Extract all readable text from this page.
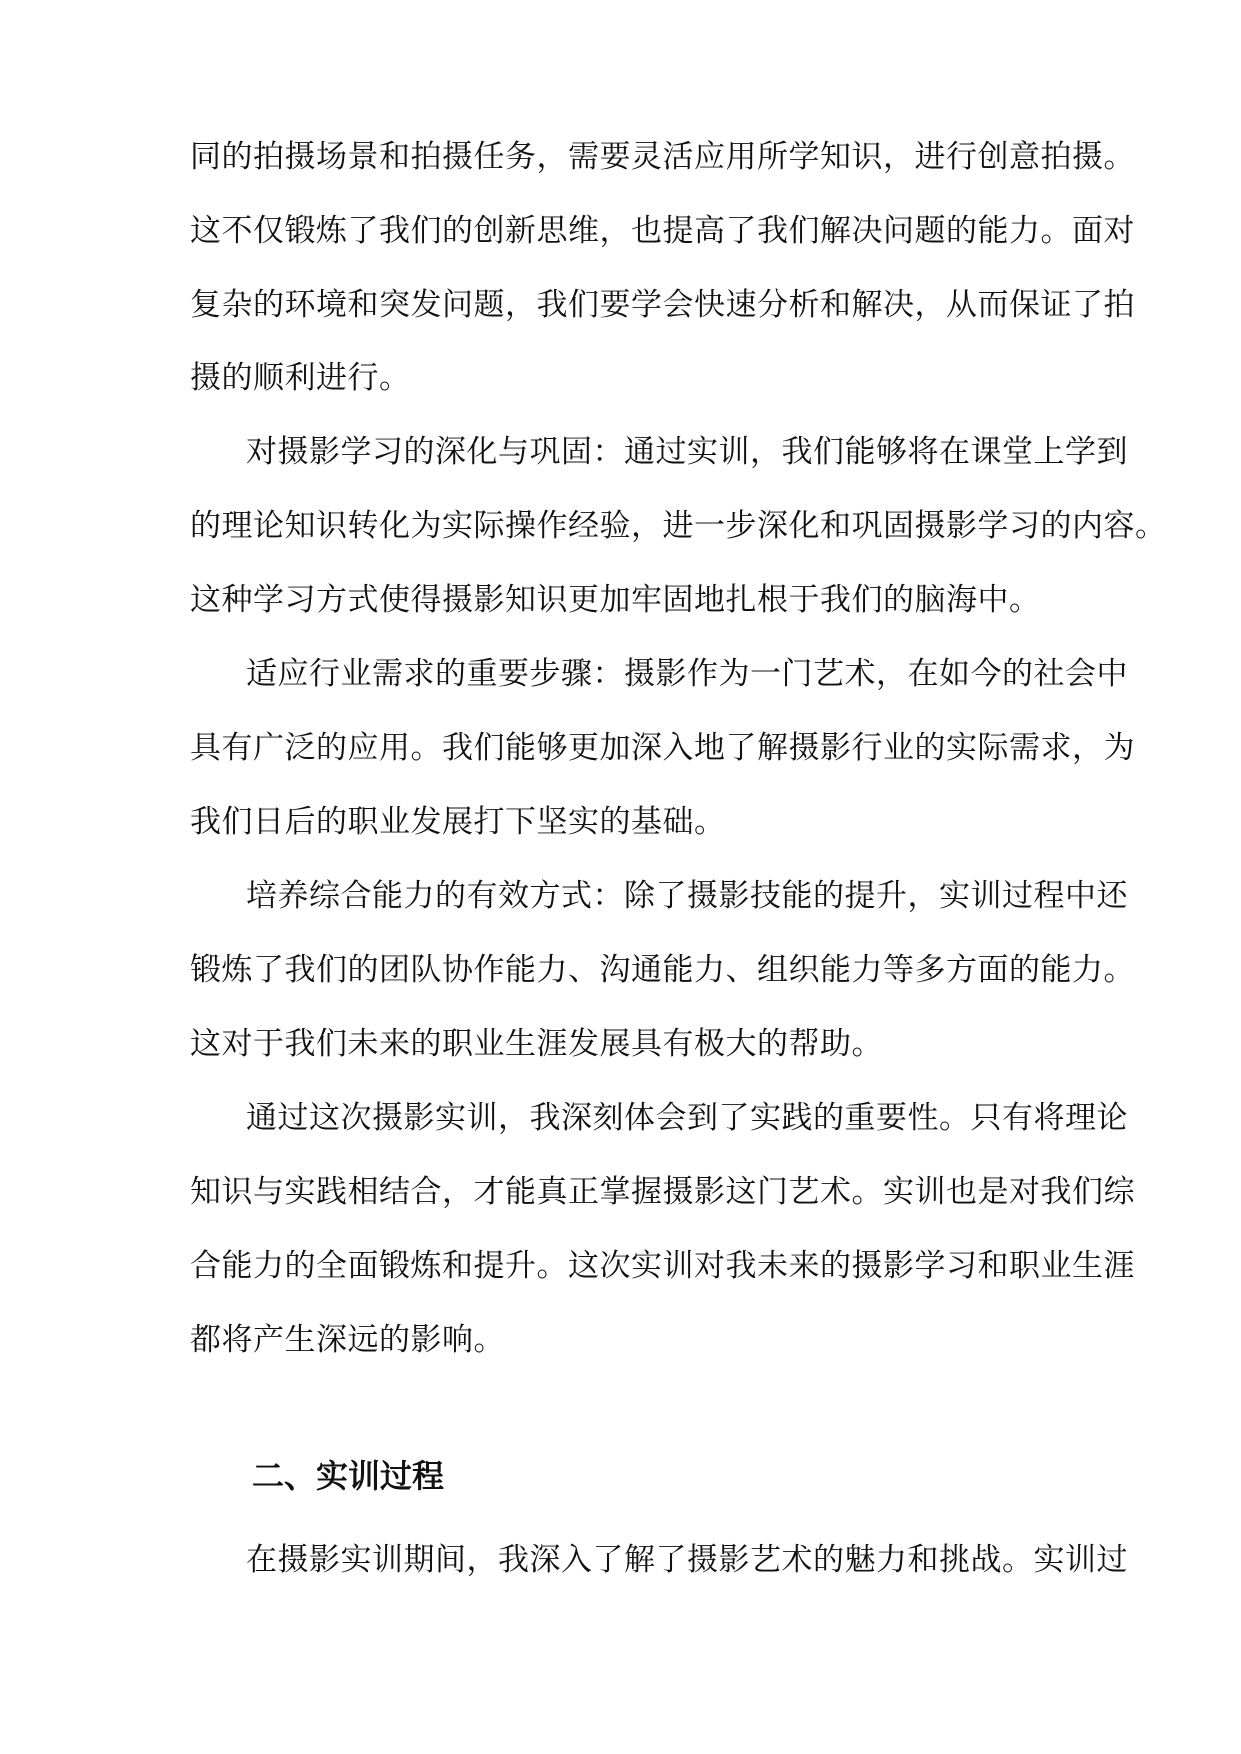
同的拍摄场景和拍摄任务，需要灵活应用所学知识，进行创意拍摄。
这不仅锻炼了我们的创新思维，也提高了我们解决问题的能力。面对
复杂的环境和突发问题，我们要学会快速分析和解决，从而保证了拍
摄的顺利进行。
对摄影学习的深化与巩固：通过实训，我们能够将在课堂上学到
的理论知识转化为实际操作经验，进一步深化和巩固摄影学习的内容。
这种学习方式使得摄影知识更加牢固地扎根于我们的脑海中。
适应行业需求的重要步骤：摄影作为一门艺术，在如今的社会中
具有广泛的应用。我们能够更加深入地了解摄影行业的实际需求，为
我们日后的职业发展打下坚实的基础。
培养综合能力的有效方式：除了摄影技能的提升，实训过程中还
锻炼了我们的团队协作能力、沟通能力、组织能力等多方面的能力。
这对于我们未来的职业生涯发展具有极大的帮助。
通过这次摄影实训，我深刻体会到了实践的重要性。只有将理论
知识与实践相结合，才能真正掌握摄影这门艺术。实训也是对我们综
合能力的全面锻炼和提升。这次实训对我未来的摄影学习和职业生涯
都将产生深远的影响。
二、实训过程
在摄影实训期间，我深入了解了摄影艺术的魅力和挑战。实训过
